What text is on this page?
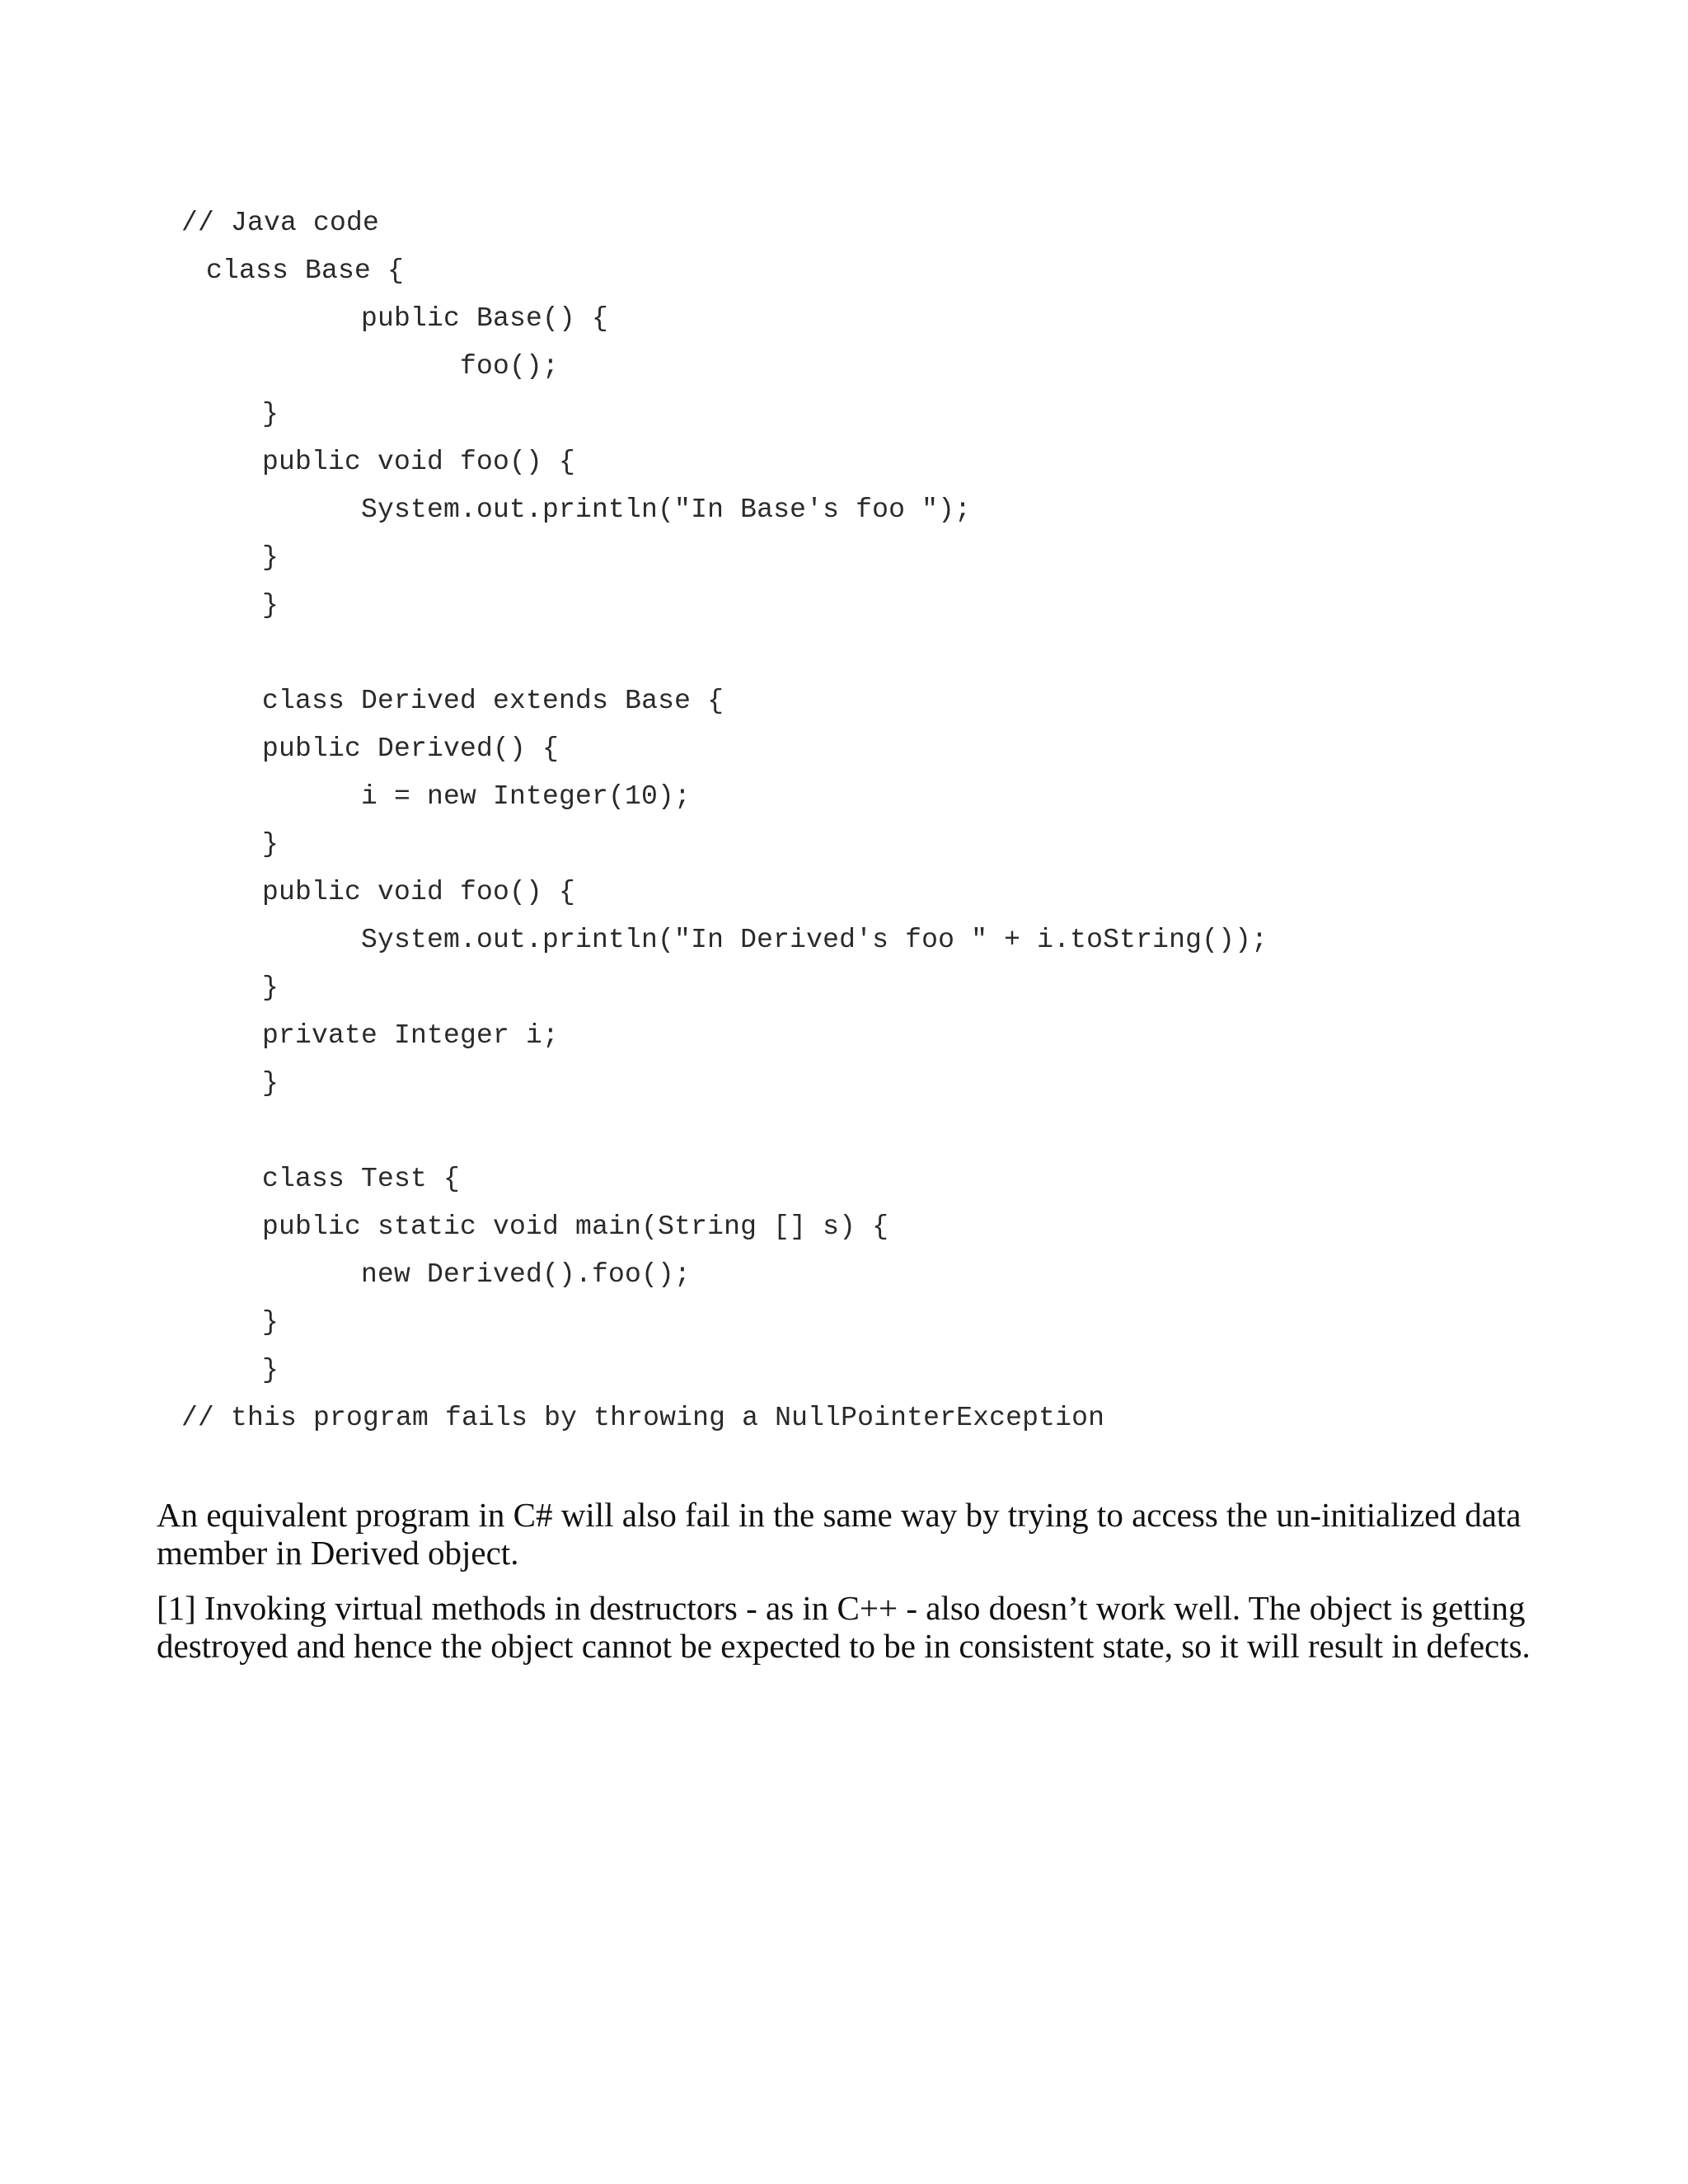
// Java code
class Base {
public Base() {
foo();
}
public void foo() {
System.out.println("In Base's foo ");
}
}
class Derived extends Base {
public Derived() {
i = new Integer(10);
}
public void foo() {
System.out.println("In Derived's foo " + i.toString());
}
private Integer i;
}
class Test {
public static void main(String [] s) {
new Derived().foo();
}
}
// this program fails by throwing a NullPointerException

An equivalent program in C# will also fail in the same way by trying to access the un-initialized data member in Derived object.

[1] Invoking virtual methods in destructors - as in C++ - also doesn’t work well. The object is getting destroyed and hence the object cannot be expected to be in consistent state, so it will result in defects.
